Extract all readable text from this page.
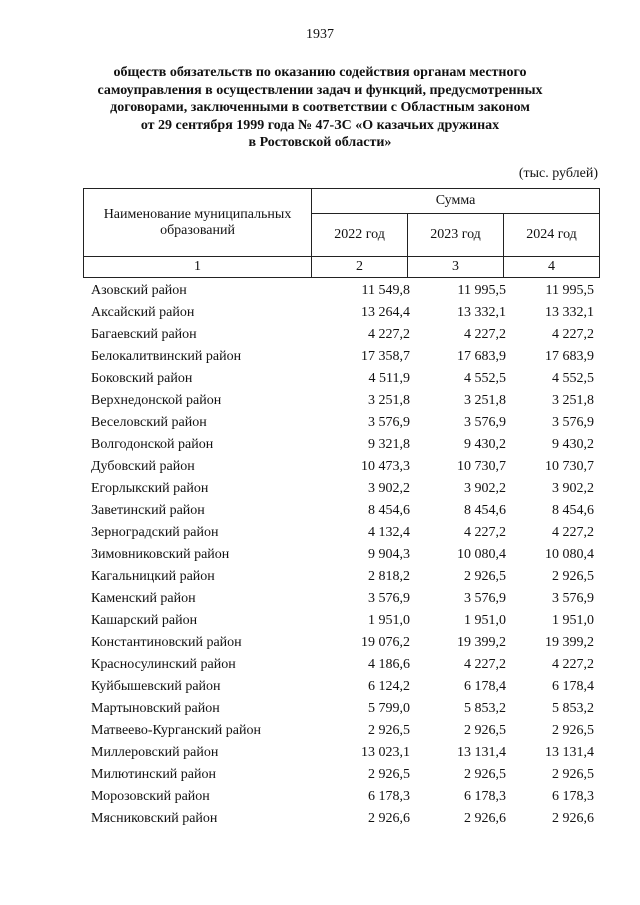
1937
обществ обязательств по оказанию содействия органам местного
самоуправления в осуществлении задач и функций, предусмотренных
договорами, заключенными в соответствии с Областным законом
от 29 сентября 1999 года № 47-ЗС «О казачьих дружинах
в Ростовской области»
(тыс. рублей)
Наименование муниципальных образований	Сумма		
	2022 год	2023 год	2024 год
1	2	3	4
Азовский район	11 549,8	11 995,5	11 995,5
Аксайский район	13 264,4	13 332,1	13 332,1
Багаевский район	4 227,2	4 227,2	4 227,2
Белокалитвинский район	17 358,7	17 683,9	17 683,9
Боковский район	4 511,9	4 552,5	4 552,5
Верхнедонской район	3 251,8	3 251,8	3 251,8
Веселовский район	3 576,9	3 576,9	3 576,9
Волгодонской район	9 321,8	9 430,2	9 430,2
Дубовский район	10 473,3	10 730,7	10 730,7
Егорлыкский район	3 902,2	3 902,2	3 902,2
Заветинский район	8 454,6	8 454,6	8 454,6
Зерноградский район	4 132,4	4 227,2	4 227,2
Зимовниковский район	9 904,3	10 080,4	10 080,4
Кагальницкий район	2 818,2	2 926,5	2 926,5
Каменский район	3 576,9	3 576,9	3 576,9
Кашарский район	1 951,0	1 951,0	1 951,0
Константиновский район	19 076,2	19 399,2	19 399,2
Красносулинский район	4 186,6	4 227,2	4 227,2
Куйбышевский район	6 124,2	6 178,4	6 178,4
Мартыновский район	5 799,0	5 853,2	5 853,2
Матвеево-Курганский район	2 926,5	2 926,5	2 926,5
Миллеровский район	13 023,1	13 131,4	13 131,4
Милютинский район	2 926,5	2 926,5	2 926,5
Морозовский район	6 178,3	6 178,3	6 178,3
Мясниковский район	2 926,6	2 926,6	2 926,6
